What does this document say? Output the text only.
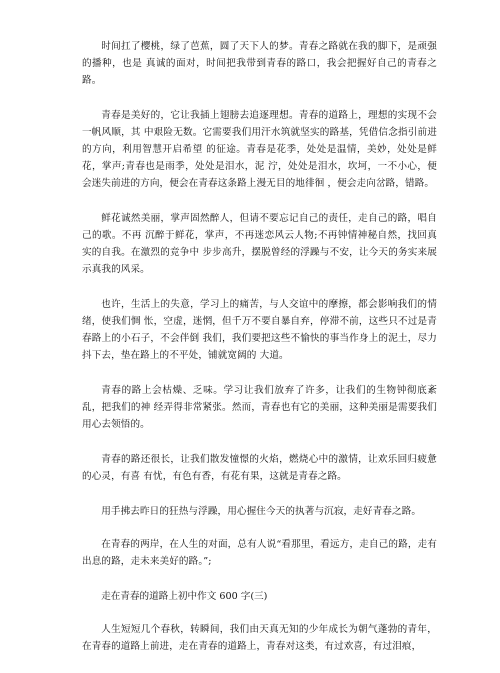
时间扛了樱桃，绿了芭蕉，圆了天下人的梦。青春之路就在我的脚下，是顽强的播种，也是 真诚的面对，时间把我带到青春的路口，我会把握好自己的青春之路。

青春是美好的，它让我插上翅膀去追逐理想。青春的道路上，理想的实现不会一帆风顺，其 中艰险无数。它需要我们用汗水筑就坚实的路基，凭借信念指引前进的方向，利用智慧开启希望 的征途。青春是花季，处处是温情，美妙，处处是鲜花，掌声;青春也是雨季，处处是泪水，泥 泞，处处是泪水，坎坷，一不小心，便会迷失前进的方向，便会在青春这条路上漫无目的地徘徊 ，便会走向岔路，错路。

鲜花诚然美丽，掌声固然醉人，但请不要忘记自己的责任，走自己的路，唱自己的歌。不再 沉醉于鲜花，掌声，不再迷恋风云人物;不再钟情神秘自然，找回真实的自我。在激烈的竞争中 步步高升，摆脱曾经的浮躁与不安，让今天的务实来展示真我的风采。

也许，生活上的失意，学习上的痛苦，与人交谊中的摩擦，都会影响我们的情绪，使我们惆 怅，空虚，迷惘，但千万不要自暴自弃，停滞不前，这些只不过是青春路上的小石子，不会伴倒 我们，我们要把这些不愉快的事当作身上的泥土，尽力抖下去，垫在路上的不平处，铺就宽阔的 大道。

青春的路上会枯燥、乏味。学习让我们放弃了许多，让我们的生物钟彻底紊乱，把我们的神 经弄得非常紧张。然而，青春也有它的美丽，这种美丽是需要我们用心去领悟的。

青春的路还很长，让我们散发憧憬的火焰，燃烧心中的激情，让欢乐回归疲惫的心灵，有喜 有忧，有色有香，有花有果，这就是青春之路。

用手拂去昨日的狂热与浮躁，用心握住今天的执著与沉寂，走好青春之路。

在青春的两岸，在人生的对面，总有人说“看那里，看远方，走自己的路，走有出息的路，走未来美好的路。”;

走在青春的道路上初中作文 600 字(三)

人生短短几个春秋，转瞬间，我们由天真无知的少年成长为朝气蓬勃的青年，在青春的道路上前进，走在青春的道路上，青春对这类，有过欢喜，有过泪痕，
